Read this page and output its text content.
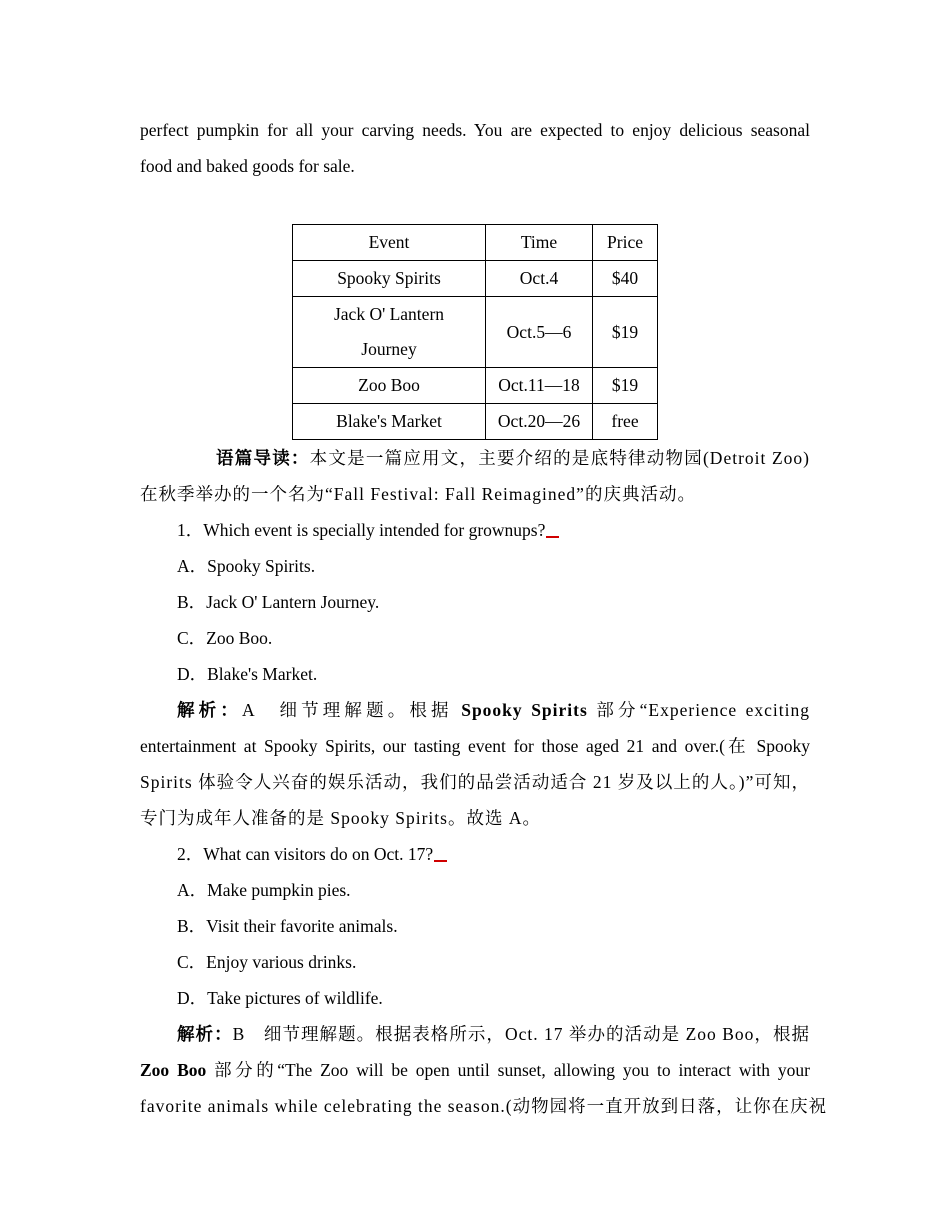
perfect pumpkin for all your carving needs. You are expected to enjoy delicious seasonal
food and baked goods for sale.
Event	Time	Price
Spooky Spirits	Oct.4	$40

Jack O' Lantern
Journey	Oct.5—6	$19
Zoo Boo	Oct.11—18	$19
Blake's Market	Oct.20—26	free
语篇导读：本文是一篇应用文，主要介绍的是底特律动物园(Detroit Zoo)
在秋季举办的一个名为“Fall Festival: Fall Reimagined”的庆典活动。
1．Which event is specially intended for grownups?
A．Spooky Spirits.
B．Jack O' Lantern Journey.
C．Zoo Boo.
D．Blake's Market.
解析：A　细节理解题。根据 Spooky Spirits 部分“Experience exciting
entertainment at Spooky Spirits, our tasting event for those aged 21 and over.(在 Spooky
Spirits 体验令人兴奋的娱乐活动，我们的品尝活动适合 21 岁及以上的人。)”可知，
专门为成年人准备的是 Spooky Spirits。故选 A。
2．What can visitors do on Oct. 17?
A．Make pumpkin pies.
B．Visit their favorite animals.
C．Enjoy various drinks.
D．Take pictures of wildlife.
解析：B　细节理解题。根据表格所示，Oct. 17 举办的活动是 Zoo Boo，根据
Zoo Boo 部分的“The Zoo will be open until sunset, allowing you to interact with your
favorite animals while celebrating the season.(动物园将一直开放到日落，让你在庆祝
